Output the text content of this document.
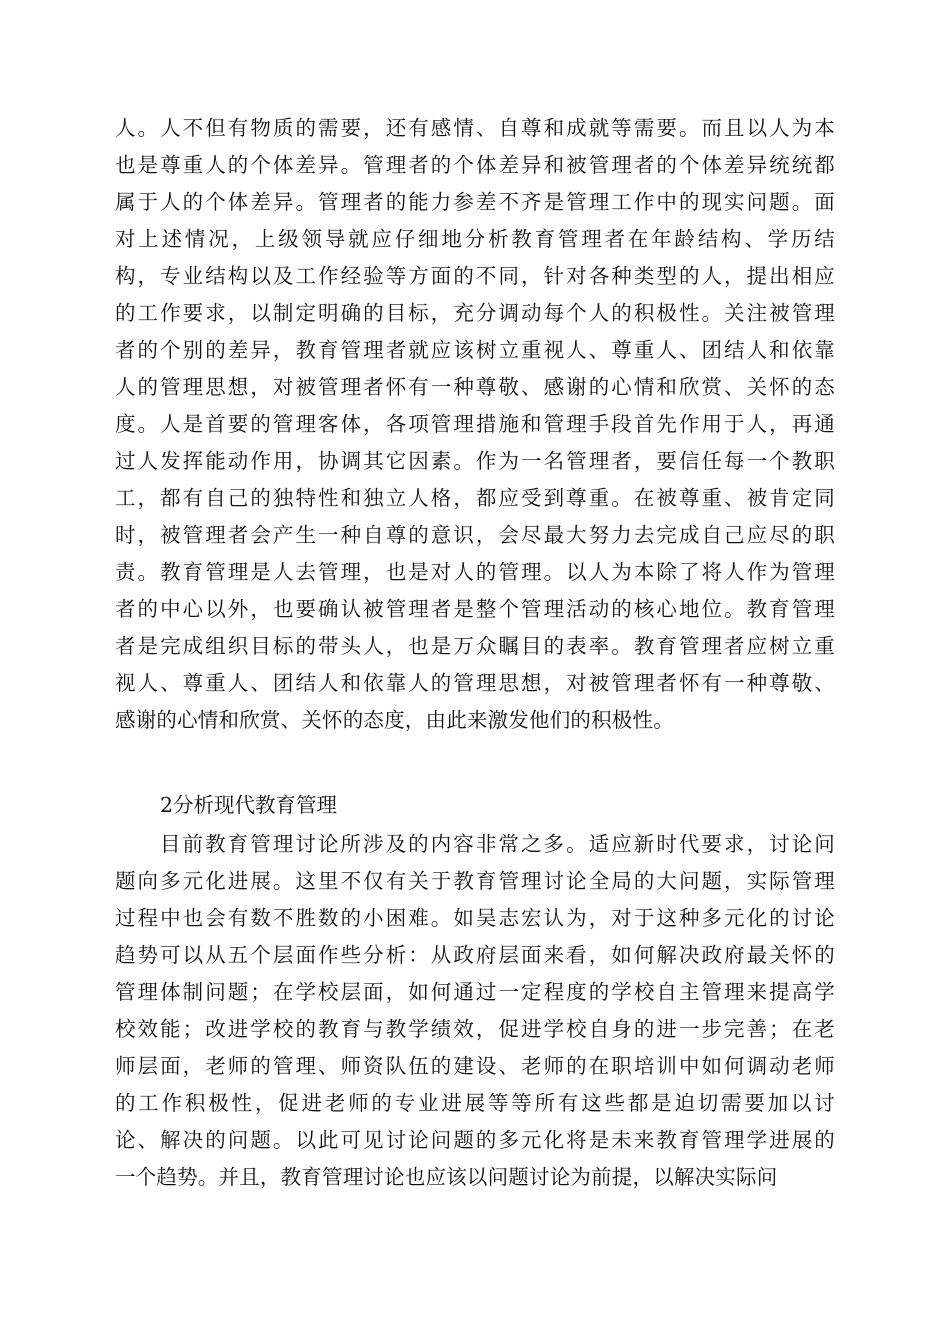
人。人不但有物质的需要，还有感情、自尊和成就等需要。而且以人为本
也是尊重人的个体差异。管理者的个体差异和被管理者的个体差异统统都
属于人的个体差异。管理者的能力参差不齐是管理工作中的现实问题。面
对上述情况，上级领导就应仔细地分析教育管理者在年龄结构、学历结
构，专业结构以及工作经验等方面的不同，针对各种类型的人，提出相应
的工作要求，以制定明确的目标，充分调动每个人的积极性。关注被管理
者的个别的差异，教育管理者就应该树立重视人、尊重人、团结人和依靠
人的管理思想，对被管理者怀有一种尊敬、感谢的心情和欣赏、关怀的态
度。人是首要的管理客体，各项管理措施和管理手段首先作用于人，再通
过人发挥能动作用，协调其它因素。作为一名管理者，要信任每一个教职
工，都有自己的独特性和独立人格，都应受到尊重。在被尊重、被肯定同
时，被管理者会产生一种自尊的意识，会尽最大努力去完成自己应尽的职
责。教育管理是人去管理，也是对人的管理。以人为本除了将人作为管理
者的中心以外，也要确认被管理者是整个管理活动的核心地位。教育管理
者是完成组织目标的带头人，也是万众瞩目的表率。教育管理者应树立重
视人、尊重人、团结人和依靠人的管理思想，对被管理者怀有一种尊敬、
感谢的心情和欣赏、关怀的态度，由此来激发他们的积极性。
2分析现代教育管理
目前教育管理讨论所涉及的内容非常之多。适应新时代要求，讨论问
题向多元化进展。这里不仅有关于教育管理讨论全局的大问题，实际管理
过程中也会有数不胜数的小困难。如吴志宏认为，对于这种多元化的讨论
趋势可以从五个层面作些分析：从政府层面来看，如何解决政府最关怀的
管理体制问题；在学校层面，如何通过一定程度的学校自主管理来提高学
校效能；改进学校的教育与教学绩效，促进学校自身的进一步完善；在老
师层面，老师的管理、师资队伍的建设、老师的在职培训中如何调动老师
的工作积极性，促进老师的专业进展等等所有这些都是迫切需要加以讨
论、解决的问题。以此可见讨论问题的多元化将是未来教育管理学进展的
一个趋势。并且，教育管理讨论也应该以问题讨论为前提，以解决实际问
